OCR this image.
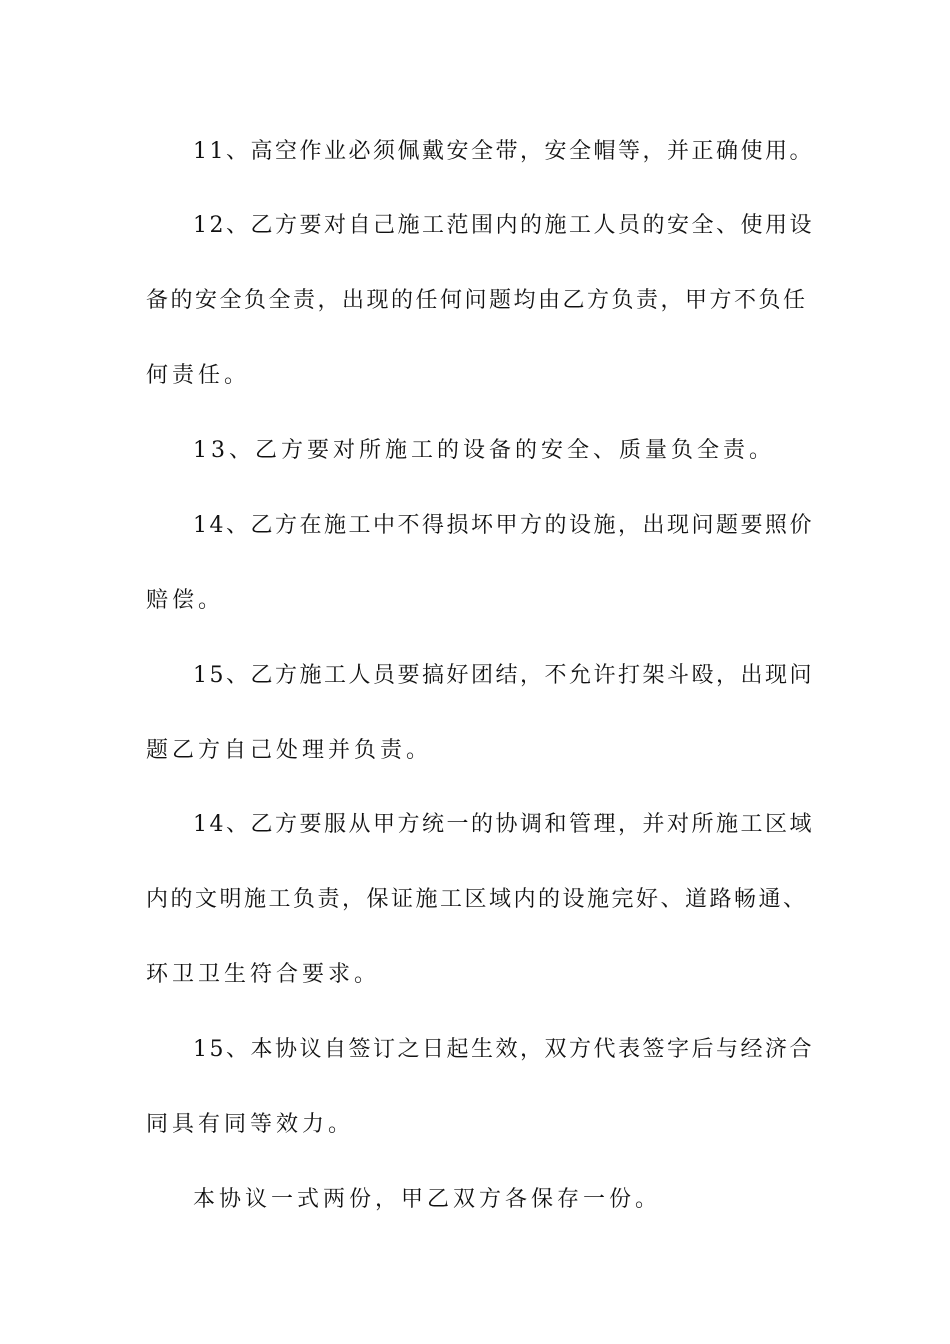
11、高空作业必须佩戴安全带，安全帽等，并正确使用。

12、乙方要对自己施工范围内的施工人员的安全、使用设

备的安全负全责，出现的任何问题均由乙方负责，甲方不负任

何责任。

13、乙方要对所施工的设备的安全、质量负全责。

14、乙方在施工中不得损坏甲方的设施，出现问题要照价

赔偿。

15、乙方施工人员要搞好团结，不允许打架斗殴，出现问

题乙方自己处理并负责。

14、乙方要服从甲方统一的协调和管理，并对所施工区域

内的文明施工负责，保证施工区域内的设施完好、道路畅通、

环卫卫生符合要求。

15、本协议自签订之日起生效，双方代表签字后与经济合

同具有同等效力。

本协议一式两份，甲乙双方各保存一份。
